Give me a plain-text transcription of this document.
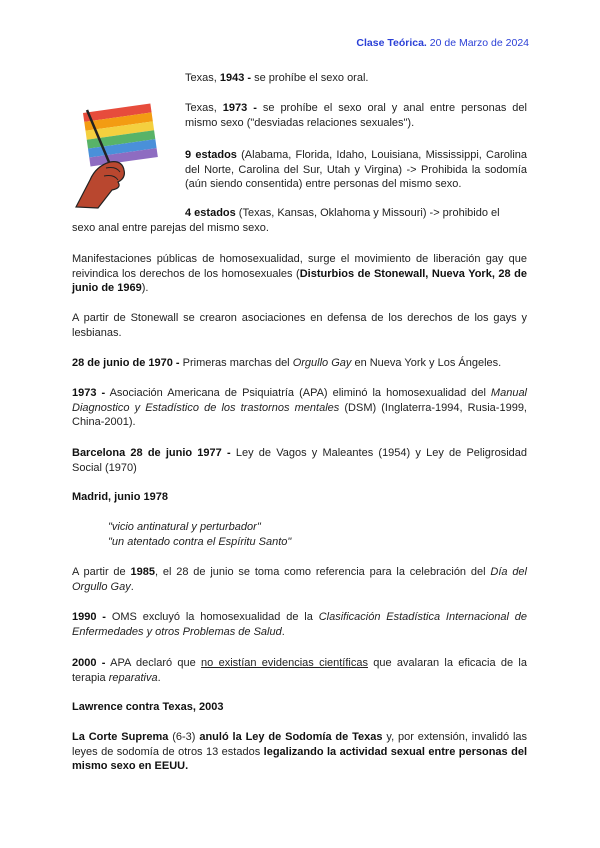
Clase Teórica. 20 de Marzo de 2024

Texas, 1943 - se prohíbe el sexo oral.

Texas, 1973 - se prohíbe el sexo oral y anal entre personas del mismo sexo ("desviadas relaciones sexuales").

9 estados (Alabama, Florida, Idaho, Louisiana, Mississippi, Carolina del Norte, Carolina del Sur, Utah y Virgina) -> Prohibida la sodomía (aún siendo consentida) entre personas del mismo sexo.

4 estados (Texas, Kansas, Oklahoma y Missouri) -> prohibido el

sexo anal entre parejas del mismo sexo.

Manifestaciones públicas de homosexualidad, surge el movimiento de liberación gay que reivindica los derechos de los homosexuales (Disturbios de Stonewall, Nueva York, 28 de junio de 1969).

A partir de Stonewall se crearon asociaciones en defensa de los derechos de los gays y lesbianas.

28 de junio de 1970 - Primeras marchas del Orgullo Gay en Nueva York y Los Ángeles.

1973 - Asociación Americana de Psiquiatría (APA) eliminó la homosexualidad del Manual Diagnostico y Estadístico de los trastornos mentales (DSM) (Inglaterra-1994, Rusia-1999, China-2001).

Barcelona 28 de junio 1977 - Ley de Vagos y Maleantes (1954) y Ley de Peligrosidad Social (1970)

Madrid, junio 1978

"vicio antinatural y perturbador"

"un atentado contra el Espíritu Santo"

A partir de 1985, el 28 de junio se toma como referencia para la celebración del Día del Orgullo Gay.

1990 - OMS excluyó la homosexualidad de la Clasificación Estadística Internacional de Enfermedades y otros Problemas de Salud.

2000 - APA declaró que no existían evidencias científicas que avalaran la eficacia de la terapia reparativa.

Lawrence contra Texas, 2003

La Corte Suprema (6-3) anuló la Ley de Sodomía de Texas y, por extensión, invalidó las leyes de sodomía de otros 13 estados legalizando la actividad sexual entre personas del mismo sexo en EEUU.
